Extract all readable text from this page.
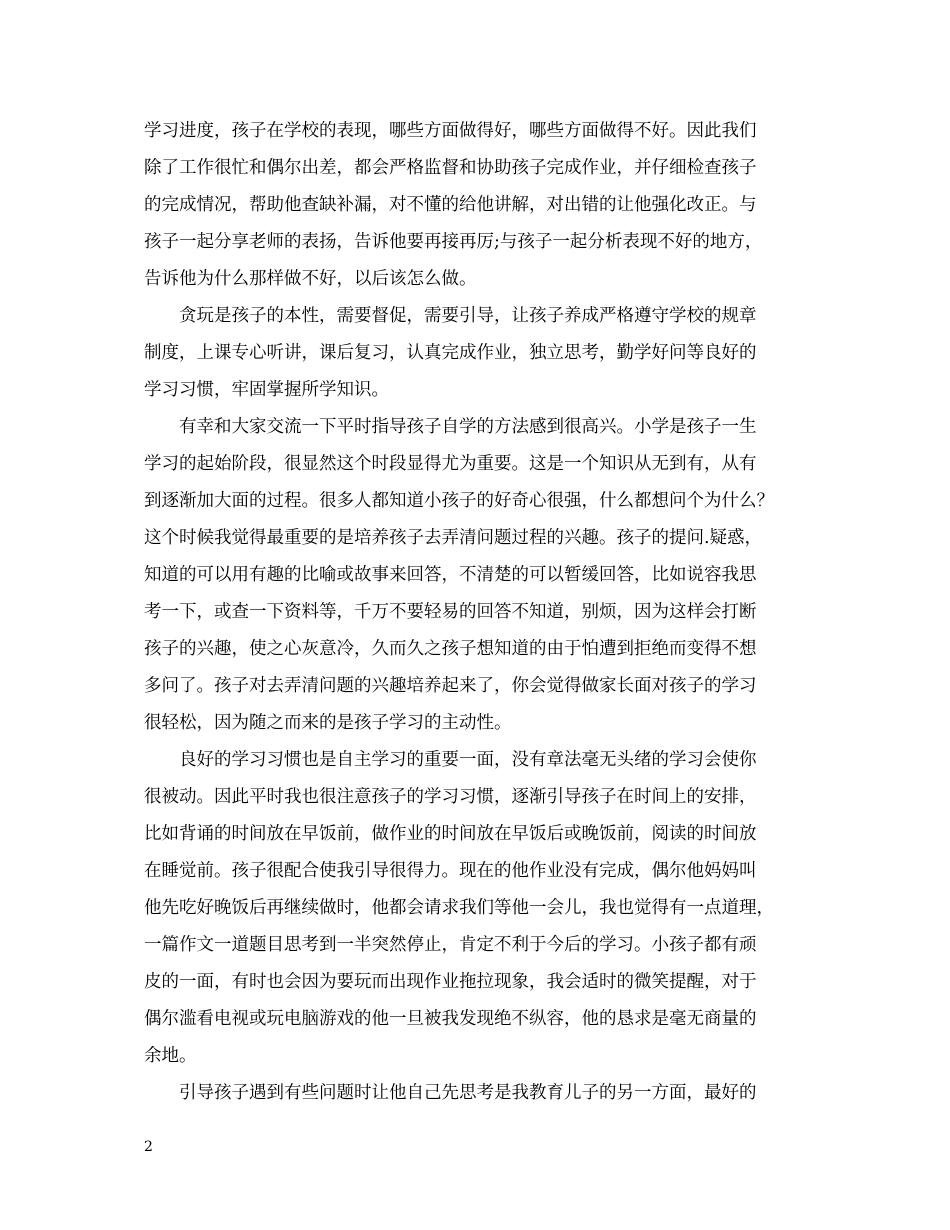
学习进度，孩子在学校的表现，哪些方面做得好，哪些方面做得不好。因此我们
除了工作很忙和偶尔出差，都会严格监督和协助孩子完成作业，并仔细检查孩子
的完成情况，帮助他查缺补漏，对不懂的给他讲解，对出错的让他强化改正。与
孩子一起分享老师的表扬，告诉他要再接再厉;与孩子一起分析表现不好的地方，
告诉他为什么那样做不好，以后该怎么做。
贪玩是孩子的本性，需要督促，需要引导，让孩子养成严格遵守学校的规章
制度，上课专心听讲，课后复习，认真完成作业，独立思考，勤学好问等良好的
学习习惯，牢固掌握所学知识。
有幸和大家交流一下平时指导孩子自学的方法感到很高兴。小学是孩子一生
学习的起始阶段，很显然这个时段显得尤为重要。这是一个知识从无到有，从有
到逐渐加大面的过程。很多人都知道小孩子的好奇心很强，什么都想问个为什么？
这个时候我觉得最重要的是培养孩子去弄清问题过程的兴趣。孩子的提问.疑惑，
知道的可以用有趣的比喻或故事来回答，不清楚的可以暂缓回答，比如说容我思
考一下，或查一下资料等，千万不要轻易的回答不知道，别烦，因为这样会打断
孩子的兴趣，使之心灰意冷，久而久之孩子想知道的由于怕遭到拒绝而变得不想
多问了。孩子对去弄清问题的兴趣培养起来了，你会觉得做家长面对孩子的学习
很轻松，因为随之而来的是孩子学习的主动性。
良好的学习习惯也是自主学习的重要一面，没有章法毫无头绪的学习会使你
很被动。因此平时我也很注意孩子的学习习惯，逐渐引导孩子在时间上的安排，
比如背诵的时间放在早饭前，做作业的时间放在早饭后或晚饭前，阅读的时间放
在睡觉前。孩子很配合使我引导很得力。现在的他作业没有完成，偶尔他妈妈叫
他先吃好晚饭后再继续做时，他都会请求我们等他一会儿，我也觉得有一点道理，
一篇作文一道题目思考到一半突然停止，肯定不利于今后的学习。小孩子都有顽
皮的一面，有时也会因为要玩而出现作业拖拉现象，我会适时的微笑提醒，对于
偶尔滥看电视或玩电脑游戏的他一旦被我发现绝不纵容，他的恳求是毫无商量的
余地。
引导孩子遇到有些问题时让他自己先思考是我教育儿子的另一方面，最好的
2
